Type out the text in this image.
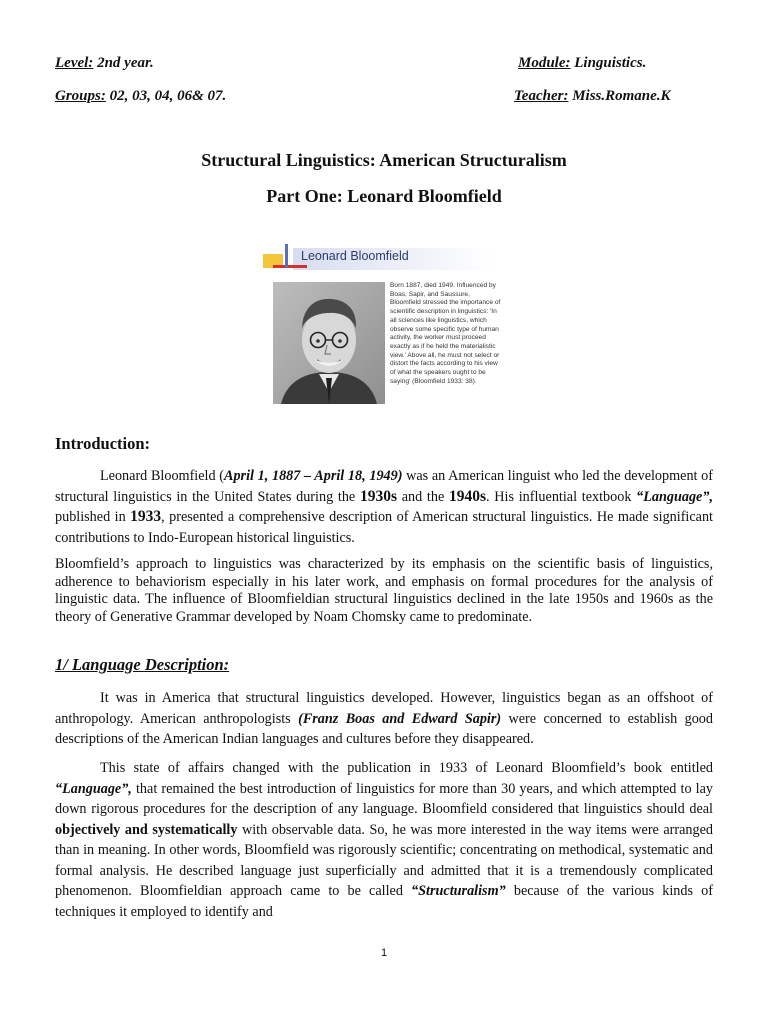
Level: 2nd year.	Module: Linguistics.
Groups: 02, 03, 04, 06& 07.	Teacher: Miss.Romane.K
Structural Linguistics: American Structuralism
Part One: Leonard Bloomfield
Leonard Bloomfield
Born 1887, died 1949. Influenced by Boas, Sapir, and Saussure, Bloomfield stressed the importance of scientific description in linguistics: 'In all sciences like linguistics, which observe some specific type of human activity, the worker must proceed exactly as if he held the materialistic view.' Above all, he must not select or distort the facts according to his view of what the speakers ought to be saying' (Bloomfield 1933: 38).
Introduction:

Leonard Bloomfield (April 1, 1887 – April 18, 1949) was an American linguist who led the development of structural linguistics in the United States during the 1930s and the 1940s. His influential textbook “Language”, published in 1933, presented a comprehensive description of American structural linguistics. He made significant contributions to Indo-European historical linguistics.

Bloomfield’s approach to linguistics was characterized by its emphasis on the scientific basis of linguistics, adherence to behaviorism especially in his later work, and emphasis on formal procedures for the analysis of linguistic data. The influence of Bloomfieldian structural linguistics declined in the late 1950s and 1960s as the theory of Generative Grammar developed by Noam Chomsky came to predominate.

1/ Language Description:

It was in America that structural linguistics developed. However, linguistics began as an offshoot of anthropology. American anthropologists (Franz Boas and Edward Sapir) were concerned to establish good descriptions of the American Indian languages and cultures before they disappeared.

This state of affairs changed with the publication in 1933 of Leonard Bloomfield’s book entitled “Language”, that remained the best introduction of linguistics for more than 30 years, and which attempted to lay down rigorous procedures for the description of any language. Bloomfield considered that linguistics should deal objectively and systematically with observable data. So, he was more interested in the way items were arranged than in meaning. In other words, Bloomfield was rigorously scientific; concentrating on methodical, systematic and formal analysis. He described language just superficially and admitted that it is a tremendously complicated phenomenon. Bloomfieldian approach came to be called “Structuralism” because of the various kinds of techniques it employed to identify and

1
